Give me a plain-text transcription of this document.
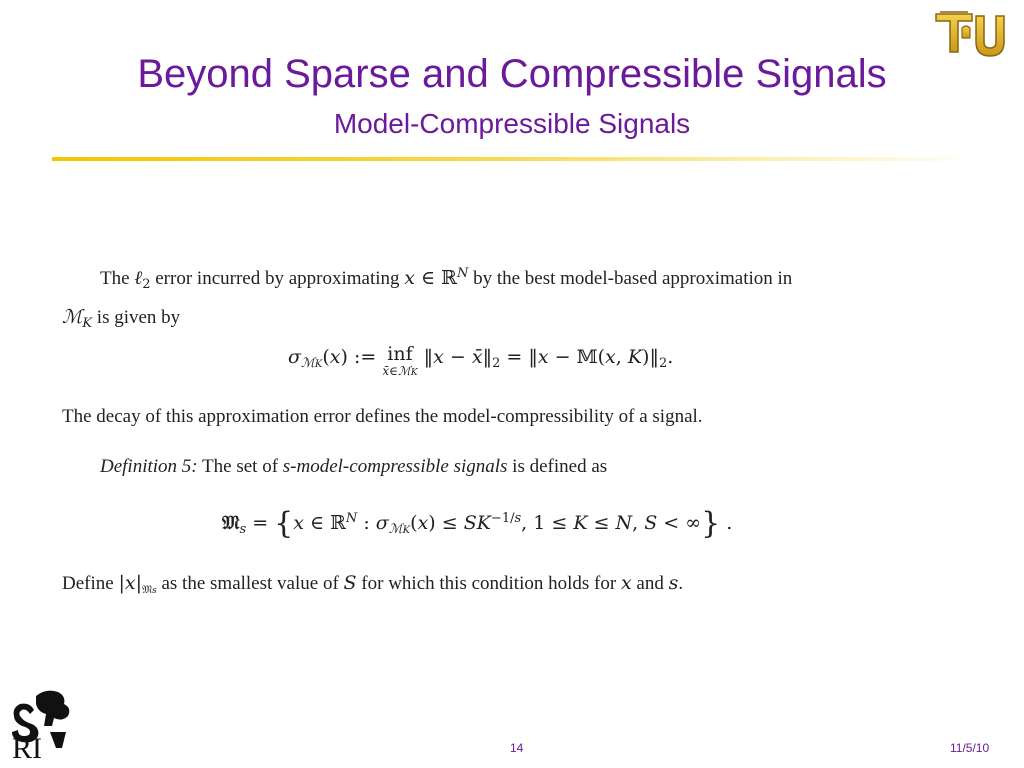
Beyond Sparse and Compressible Signals
Model-Compressible Signals
The ℓ$_2$ error incurred by approximating x ∈ ℝ$^N$ by the best model-based approximation in
ℳ$_K$ is given by
$\sigma_{ℳK}(x)$ := inf
x̄∈ℳK
‖x − $x̄‖_2$ = ‖x − 𝕄(x, $K)‖_2$.
The decay of this approximation error defines the model-compressibility of a signal.
Definition 5: The set of s-model-compressible signals is defined as
𝔐$_s$ = {x ∈ ℝ$^N$ : $\sigma_{ℳK}(x) \le SK^{-1/s}$, 1 ≤ K ≤ N, S < ∞} .
Define $|x|_{𝔐s}$ as the smallest value of S for which this condition holds for x and s.
RI	14	11/5/10
